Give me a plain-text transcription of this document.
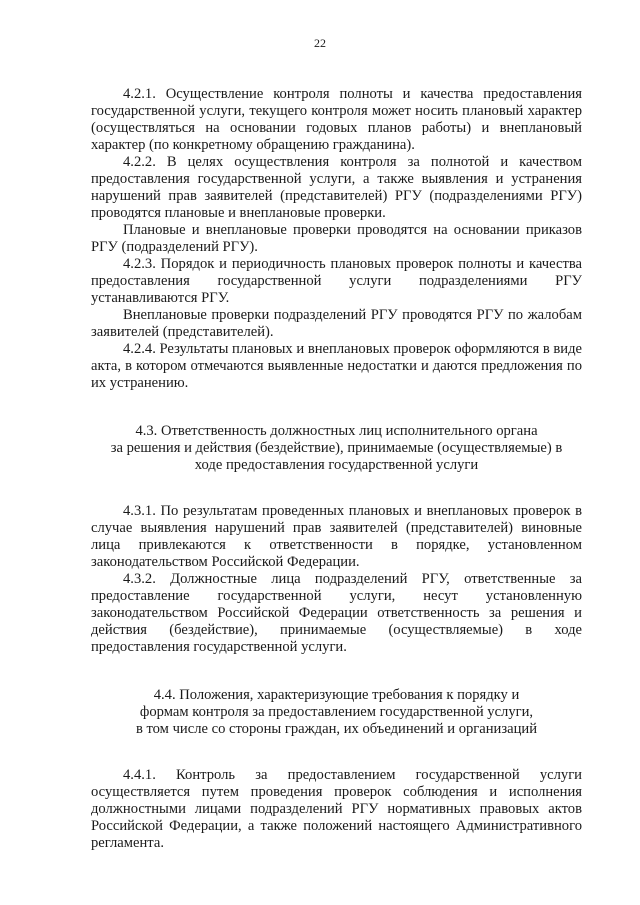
22

4.2.1. Осуществление контроля полноты и качества предоставления государственной услуги, текущего контроля может носить плановый характер (осуществляться на основании годовых планов работы) и внеплановый характер (по конкретному обращению гражданина).

4.2.2. В целях осуществления контроля за полнотой и качеством предоставления государственной услуги, а также выявления и устранения нарушений прав заявителей (представителей) РГУ (подразделениями РГУ) проводятся плановые и внеплановые проверки.

Плановые и внеплановые проверки проводятся на основании приказов РГУ (подразделений РГУ).

4.2.3. Порядок и периодичность плановых проверок полноты и качества предоставления государственной услуги подразделениями РГУ устанавливаются РГУ.

Внеплановые проверки подразделений РГУ проводятся РГУ по жалобам заявителей (представителей).

4.2.4. Результаты плановых и внеплановых проверок оформляются в виде акта, в котором отмечаются выявленные недостатки и даются предложения по их устранению.

4.3. Ответственность должностных лиц исполнительного органа
за решения и действия (бездействие), принимаемые (осуществляемые) в
ходе предоставления государственной услуги

4.3.1. По результатам проведенных плановых и внеплановых проверок в случае выявления нарушений прав заявителей (представителей) виновные лица привлекаются к ответственности в порядке, установленном законодательством Российской Федерации.

4.3.2. Должностные лица подразделений РГУ, ответственные за предоставление государственной услуги, несут установленную законодательством Российской Федерации ответственность за решения и действия (бездействие), принимаемые (осуществляемые) в ходе предоставления государственной услуги.

4.4. Положения, характеризующие требования к порядку и
формам контроля за предоставлением государственной услуги,
в том числе со стороны граждан, их объединений и организаций

4.4.1. Контроль за предоставлением государственной услуги осуществляется путем проведения проверок соблюдения и исполнения должностными лицами подразделений РГУ нормативных правовых актов Российской Федерации, а также положений настоящего Административного регламента.
